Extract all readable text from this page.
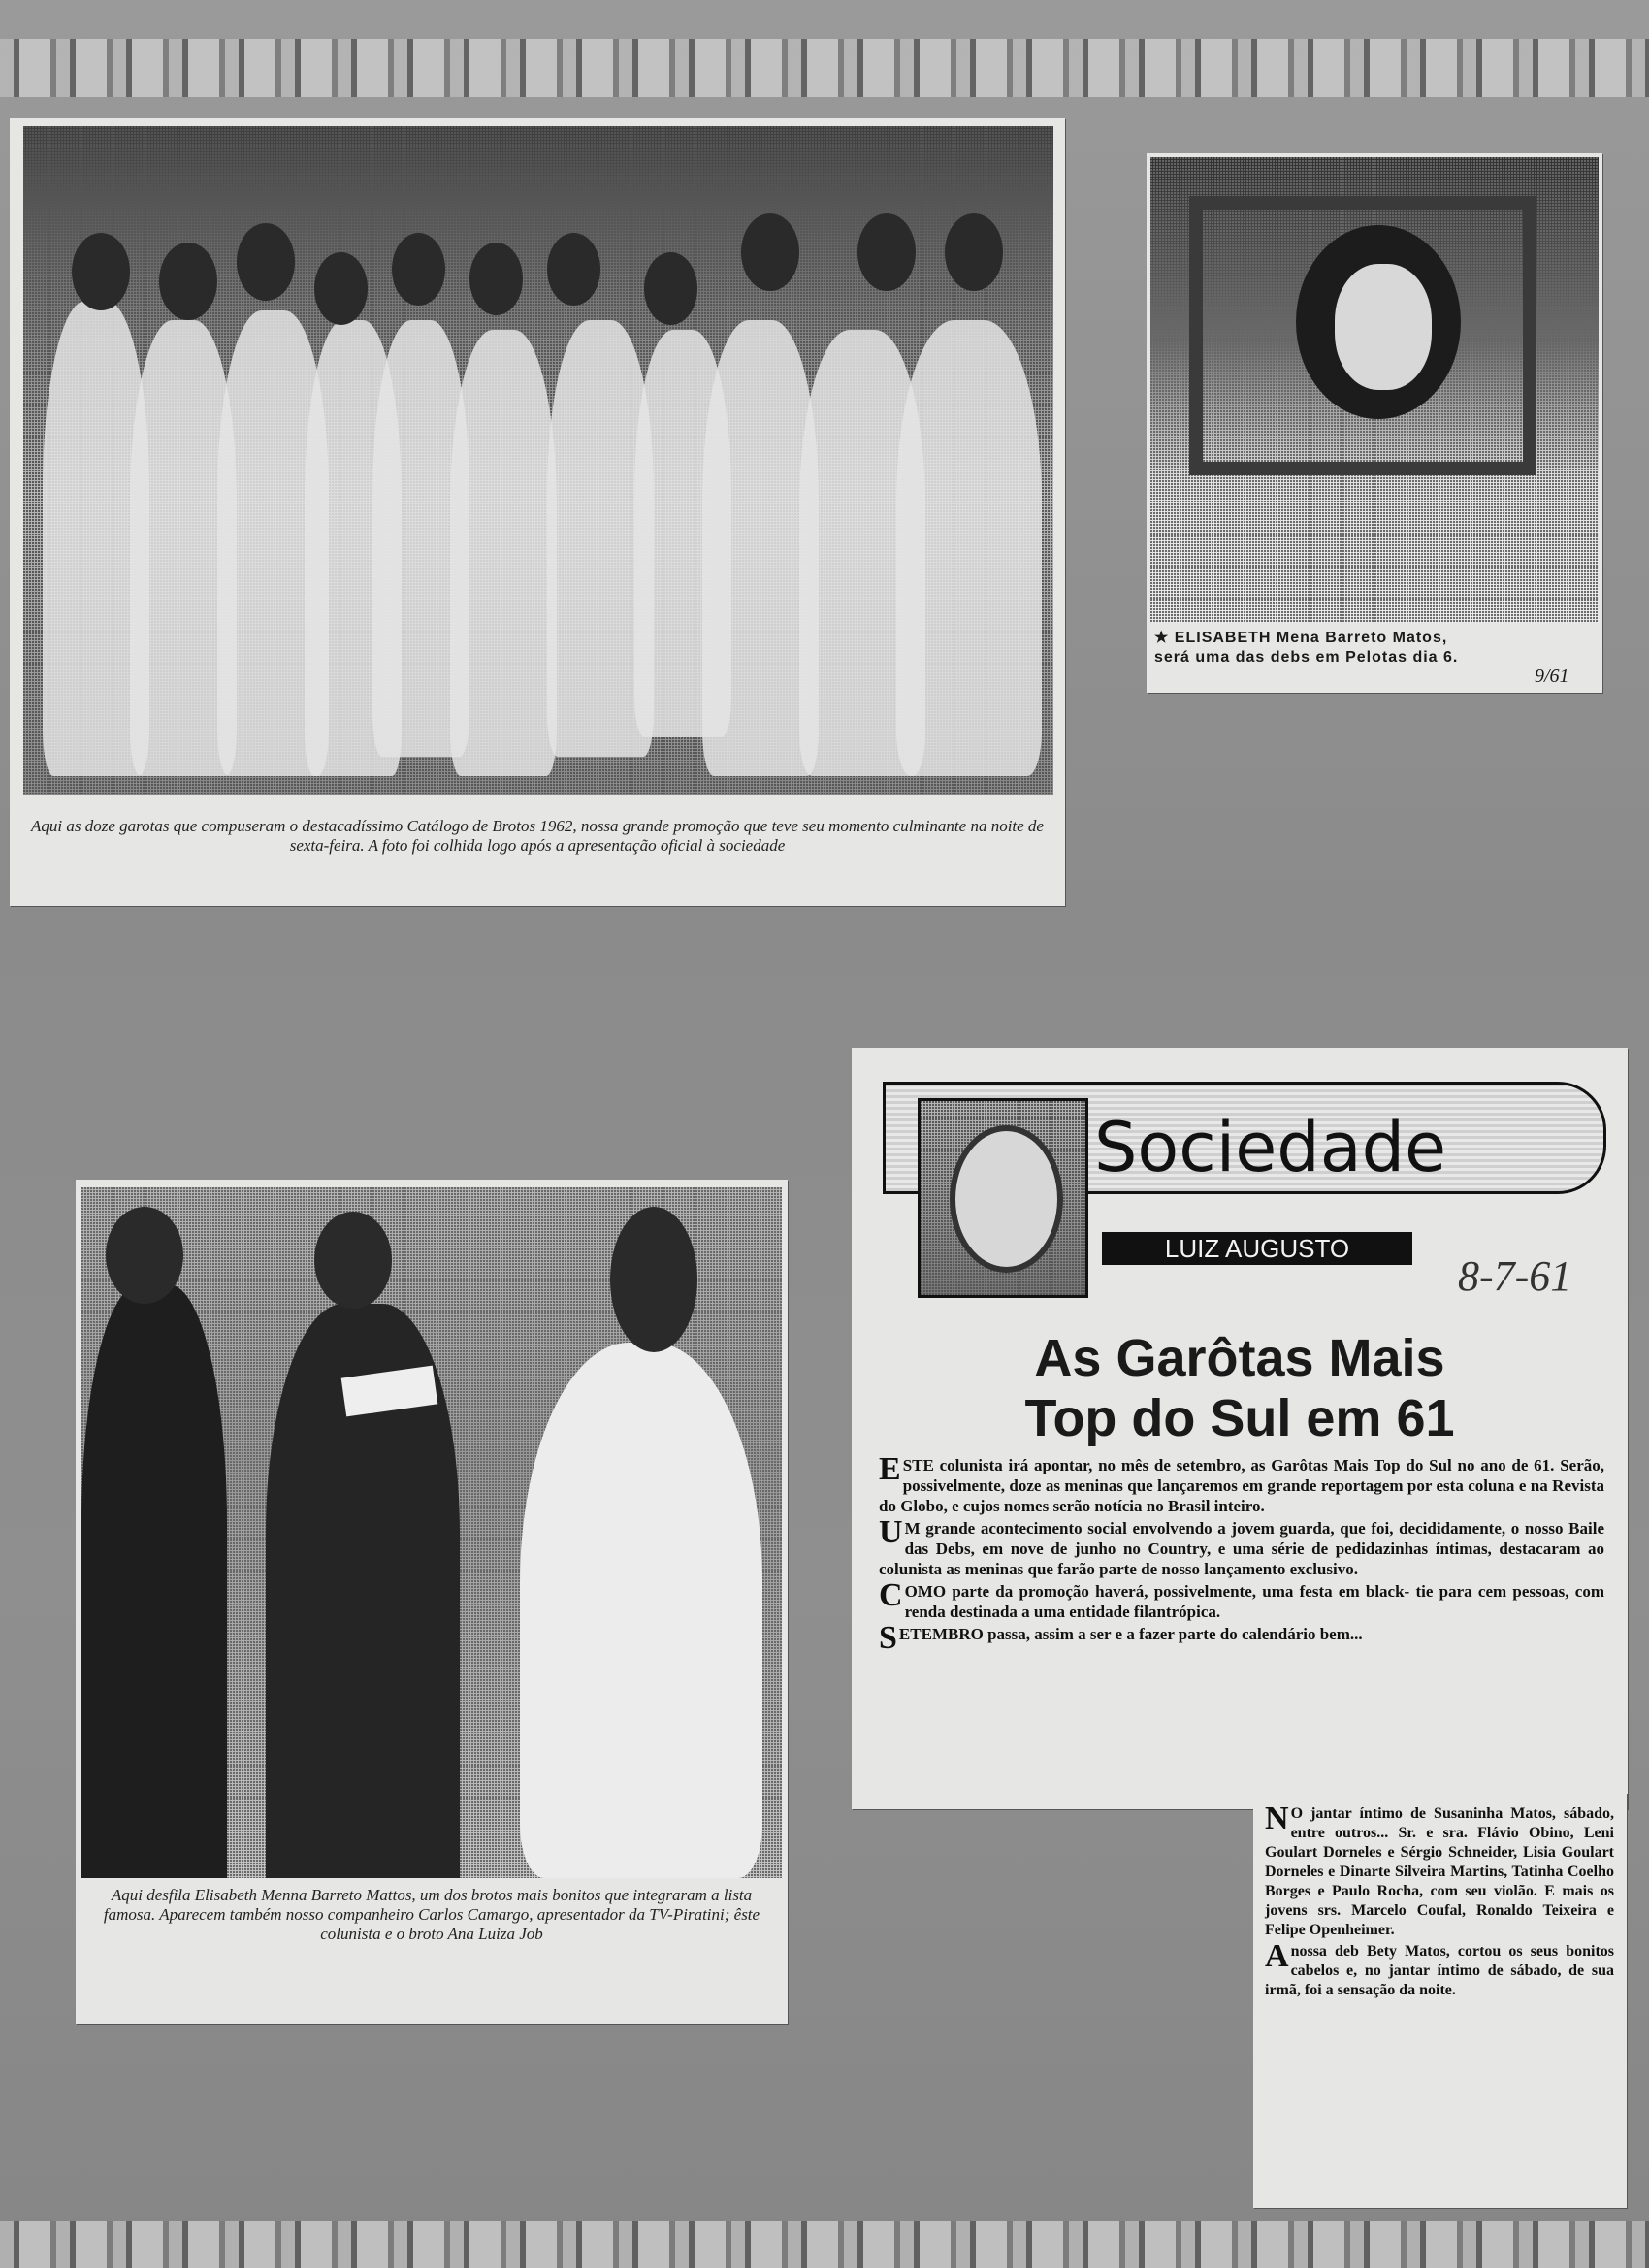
Aqui as doze garotas que compuseram o destacadíssimo Catálogo de Brotos 1962, nossa grande promoção que teve seu momento culminante na noite de sexta-feira. A foto foi colhida logo após a apresentação oficial à sociedade
★ ELISABETH Mena Barreto Matos,
será uma das debs em Pelotas dia 6.
9/61
Aqui desfila Elisabeth Menna Barreto Mattos, um dos brotos mais bonitos que integraram a lista famosa. Aparecem também nosso companheiro Carlos Camargo, apresentador da TV-Piratini; êste colunista e o broto Ana Luiza Job
Sociedade
LUIZ AUGUSTO
8-7-61
As Garôtas Mais
Top do Sul em 61

ESTE colunista irá apontar, no mês de setembro, as Garôtas Mais Top do Sul no ano de 61. Serão, possivelmente, doze as meninas que lançaremos em grande reportagem por esta coluna e na Revista do Globo, e cujos nomes serão notícia no Brasil inteiro.

U M grande acontecimento social envolvendo a jovem guarda, que foi, decididamente, o nosso Baile das Debs, em nove de junho no Country, e uma série de pedidazinhas íntimas, destacaram ao colunista as meninas que farão parte de nosso lançamento exclusivo.

COMO parte da promoção haverá, possivelmente, uma festa em black- tie para cem pessoas, com renda destinada a uma entidade filantrópica.

SETEMBRO passa, assim a ser e a fazer parte do calendário bem...

N O jantar íntimo de Susaninha Matos, sábado, entre outros... Sr. e sra. Flávio Obino, Leni Goulart Dorneles e Sérgio Schneider, Lisia Goulart Dorneles e Dinarte Silveira Martins, Tatinha Coelho Borges e Paulo Rocha, com seu violão. E mais os jovens srs. Marcelo Coufal, Ronaldo Teixeira e Felipe Openheimer.

A nossa deb Bety Matos, cortou os seus bonitos cabelos e, no jantar íntimo de sábado, de sua irmã, foi a sensação da noite.
